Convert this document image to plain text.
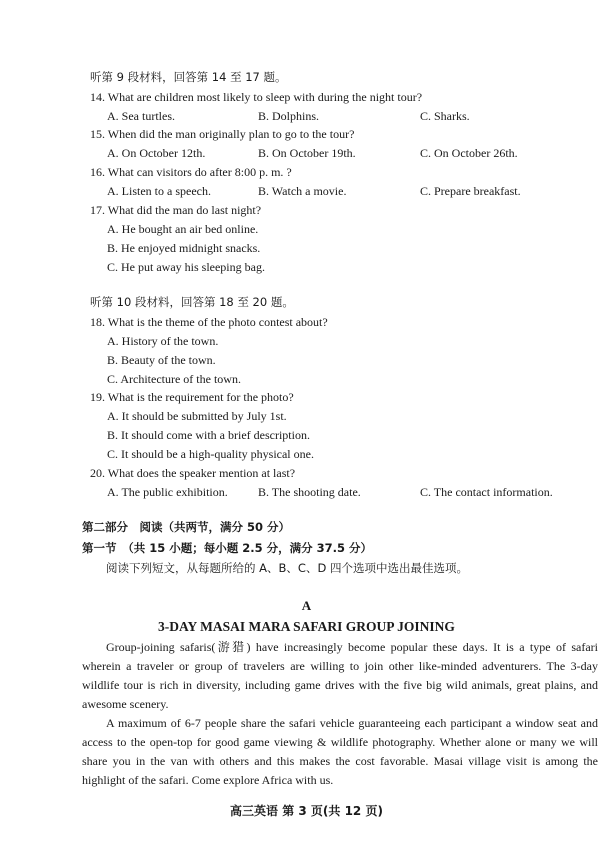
听第 9 段材料，回答第 14 至 17 题。
14. What are children most likely to sleep with during the night tour?
A. Sea turtles.	B. Dolphins.	C. Sharks.
15. When did the man originally plan to go to the tour?
A. On October 12th.	B. On October 19th.	C. On October 26th.
16. What can visitors do after 8:00 p. m. ?
A. Listen to a speech.	B. Watch a movie.	C. Prepare breakfast.
17. What did the man do last night?
A. He bought an air bed online.
B. He enjoyed midnight snacks.
C. He put away his sleeping bag.
听第 10 段材料，回答第 18 至 20 题。
18. What is the theme of the photo contest about?
A. History of the town.
B. Beauty of the town.
C. Architecture of the town.
19. What is the requirement for the photo?
A. It should be submitted by July 1st.
B. It should come with a brief description.
C. It should be a high-quality physical one.
20. What does the speaker mention at last?
A. The public exhibition.	B. The shooting date.	C. The contact information.
第二部分　阅读（共两节，满分 50 分）
第一节　（共 15 小题；每小题 2.5 分，满分 37.5 分）
阅读下列短文，从每题所给的 A、B、C、D 四个选项中选出最佳选项。
A
3-DAY MASAI MARA SAFARI GROUP JOINING

Group-joining safaris(游猎) have increasingly become popular these days. It is a type of safari wherein a traveler or group of travelers are willing to join other like-minded adventurers. The 3-day wildlife tour is rich in diversity, including game drives with the five big wild animals, great plains, and awesome scenery.

A maximum of 6-7 people share the safari vehicle guaranteeing each participant a window seat and access to the open-top for good game viewing & wildlife photography. Whether alone or many we will share you in the van with others and this makes the cost favorable. Masai village visit is among the highlight of the safari. Come explore Africa with us.

高三英语 第 3 页(共 12 页)
